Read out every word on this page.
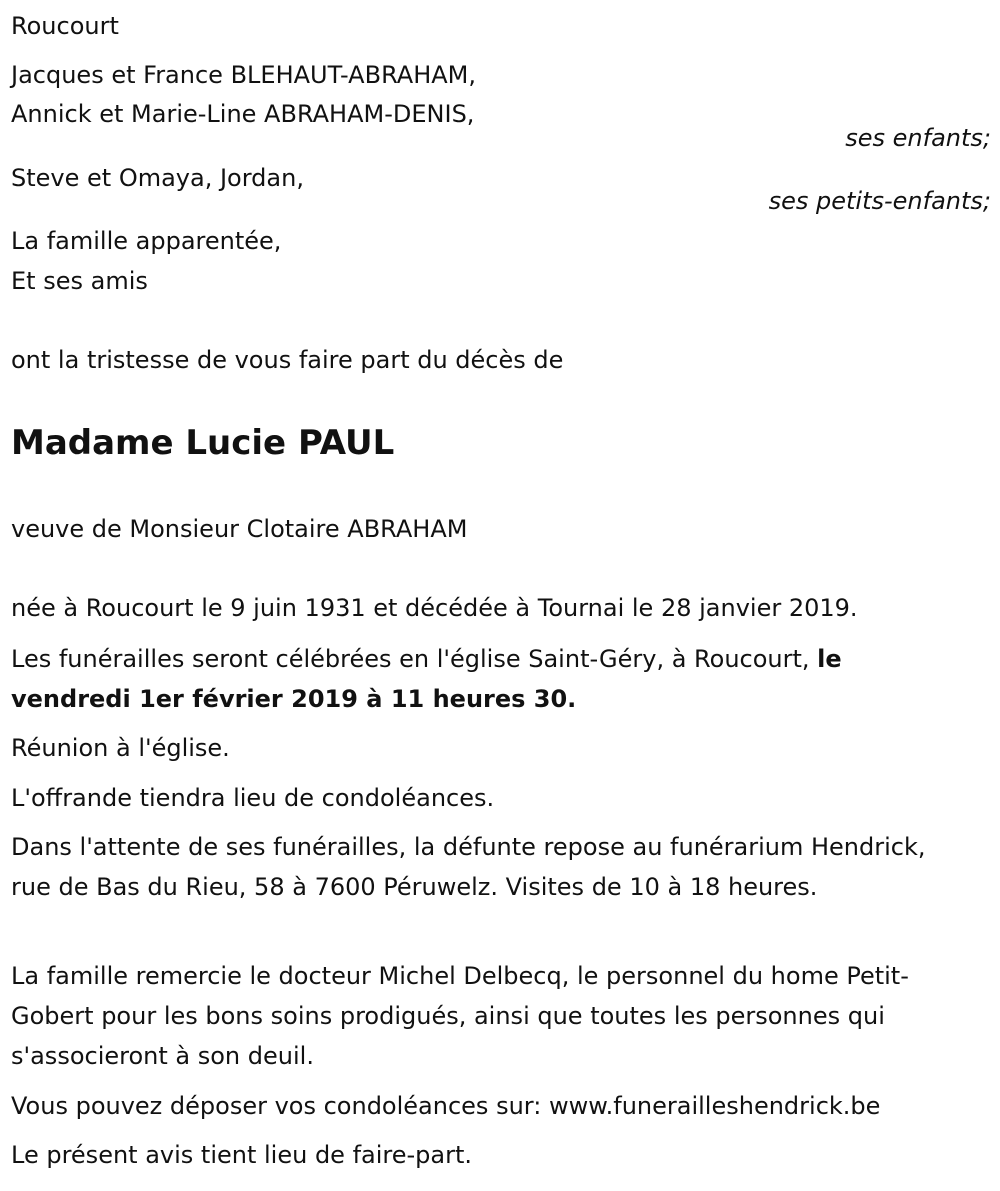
Roucourt
Jacques et France BLEHAUT-ABRAHAM,
Annick et Marie-Line ABRAHAM-DENIS,
ses enfants;
Steve et Omaya, Jordan,
ses petits-enfants;
La famille apparentée,
Et ses amis
ont la tristesse de vous faire part du décès de
Madame Lucie PAUL
veuve de Monsieur Clotaire ABRAHAM
née à Roucourt le 9 juin 1931 et décédée à Tournai le 28 janvier 2019.
Les funérailles seront célébrées en l'église Saint-Géry, à Roucourt, le vendredi 1er février 2019 à 11 heures 30.
Réunion à l'église.
L'offrande tiendra lieu de condoléances.
Dans l'attente de ses funérailles, la défunte repose au funérarium Hendrick, rue de Bas du Rieu, 58 à 7600 Péruwelz. Visites de 10 à 18 heures.
La famille remercie le docteur Michel Delbecq, le personnel du home Petit-Gobert pour les bons soins prodigués, ainsi que toutes les personnes qui s'associeront à son deuil.
Vous pouvez déposer vos condoléances sur: www.funerailleshendrick.be
Le présent avis tient lieu de faire-part.
